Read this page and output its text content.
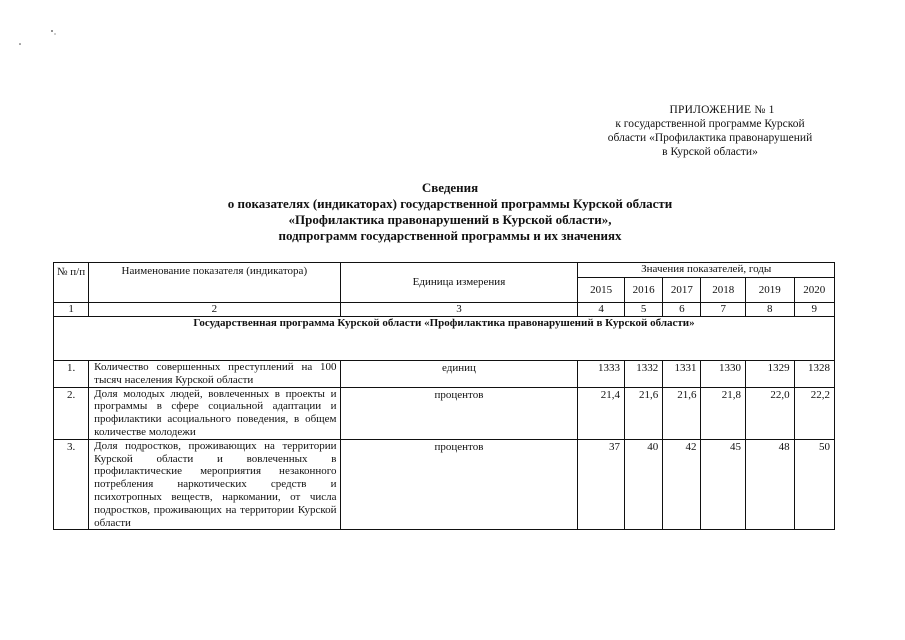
ПРИЛОЖЕНИЕ № 1
к государственной программе Курской
области «Профилактика правонарушений
в Курской области»
Сведения
о показателях (индикаторах) государственной программы Курской области
«Профилактика правонарушений в Курской области»,
подпрограмм государственной программы и их значениях
№ п/п	Наименование показателя (индикатора)	Единица измерения	Значения показателей, годы					
			2015	2016	2017	2018	2019	2020
1	2	3	4	5	6	7	8	9
Государственная программа Курской области «Профилактика правонарушений в Курской области»								
1.	Количество совершенных преступлений на 100 тысяч населения Курской области	единиц	1333	1332	1331	1330	1329	1328
2.	Доля молодых людей, вовлеченных в проекты и программы в сфере социальной адаптации и профилактики асоциального поведения, в общем количестве молодежи	процентов	21,4	21,6	21,6	21,8	22,0	22,2
3.	Доля подростков, проживающих на территории Курской области и вовлеченных в профилактические мероприятия незаконного потребления наркотических средств и психотропных веществ, наркомании, от числа подростков, проживающих на территории Курской области	процентов	37	40	42	45	48	50
